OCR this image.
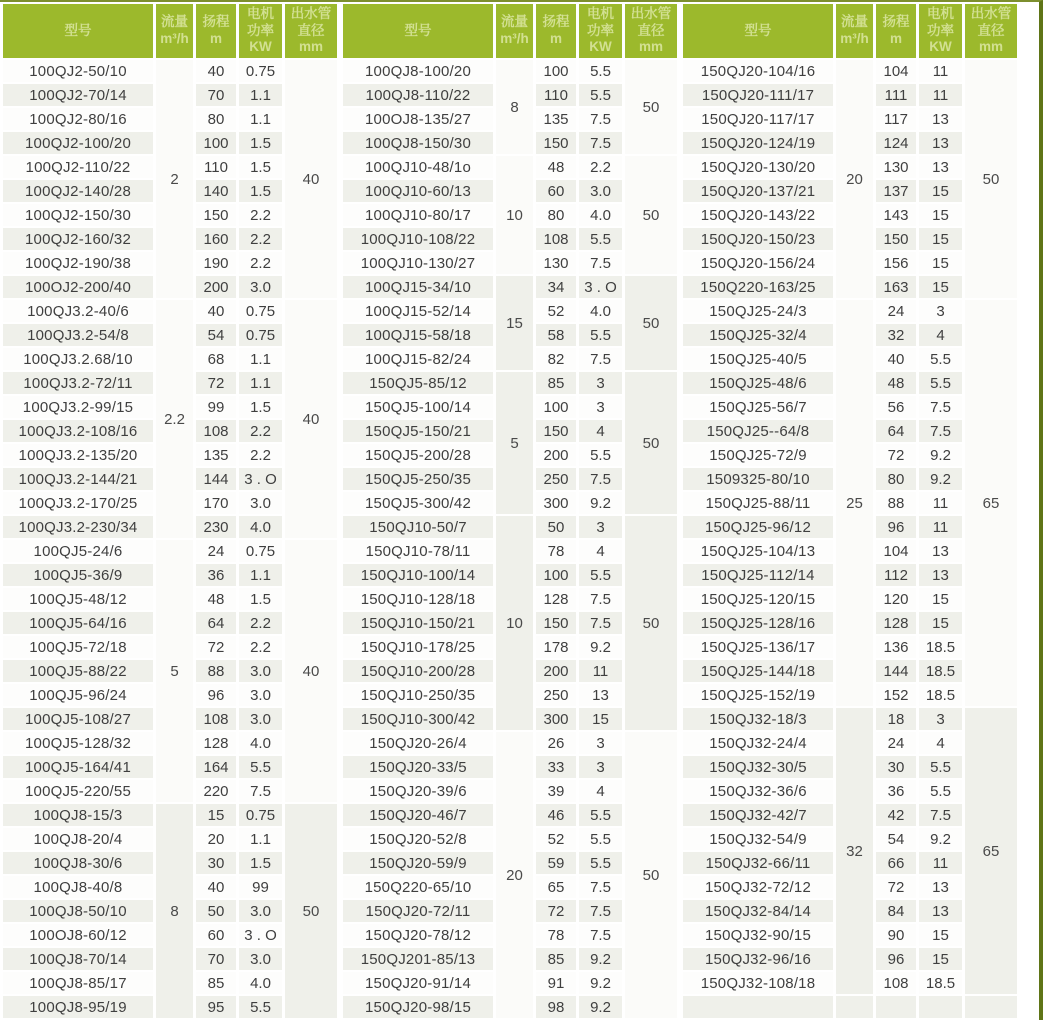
型号

流量
m³/h

扬程
m

电机
功率
KW

出水管
直径
mm

100QJ2-50/10	2	40	0.75	40
100QJ2-70/14		70	1.1	
100QJ2-80/16		80	1.1	
100QJ2-100/20		100	1.5	
100QJ2-110/22		110	1.5	
100QJ2-140/28		140	1.5	
100QJ2-150/30		150	2.2	
100QJ2-160/32		160	2.2	
100QJ2-190/38		190	2.2	
100OJ2-200/40		200	3.0	
100QJ3.2-40/6	2.2	40	0.75	40
100QJ3.2-54/8		54	0.75	
100QJ3.2.68/10		68	1.1	
100QJ3.2-72/11		72	1.1	
100QJ3.2-99/15		99	1.5	
100QJ3.2-108/16		108	2.2	
100QJ3.2-135/20		135	2.2	
100QJ3.2-144/21		144	3 . O	
100QJ3.2-170/25		170	3.0	
100QJ3.2-230/34		230	4.0	
100QJ5-24/6	5	24	0.75	40
100QJ5-36/9		36	1.1	
100QJ5-48/12		48	1.5	
100QJ5-64/16		64	2.2	
100QJ5-72/18		72	2.2	
100QJ5-88/22		88	3.0	
100QJ5-96/24		96	3.0	
100QJ5-108/27		108	3.0	
100QJ5-128/32		128	4.0	
100QJ5-164/41		164	5.5	
100QJ5-220/55		220	7.5	
100QJ8-15/3	8	15	0.75	50
100QJ8-20/4		20	1.1	
100QJ8-30/6		30	1.5	
100QJ8-40/8		40	99	
100QJ8-50/10		50	3.0	
100OJ8-60/12		60	3 . O	
100QJ8-70/14		70	3.0	
100QJ8-85/17		85	4.0	
100QJ8-95/19		95	5.5	
型号

流量
m³/h

扬程
m

电机
功率
KW

出水管
直径
mm

100QJ8-100/20	8	100	5.5	50
100QJ8-110/22		110	5.5	
100OJ8-135/27		135	7.5	
100QJ8-150/30		150	7.5	
100QJ10-48/1o	10	48	2.2	50
100QJ10-60/13		60	3.0	
100QJ10-80/17		80	4.0	
100QJ10-108/22		108	5.5	
100QJ10-130/27		130	7.5	
100QJ15-34/10	15	34	3 . O	50
100QJ15-52/14		52	4.0	
100QJ15-58/18		58	5.5	
100QJ15-82/24		82	7.5	
150QJ5-85/12	5	85	3	50
150QJ5-100/14		100	3	
150QJ5-150/21		150	4	
150QJ5-200/28		200	5.5	
150QJ5-250/35		250	7.5	
150QJ5-300/42		300	9.2	
150QJ10-50/7	10	50	3	50
150QJ10-78/11		78	4	
150QJ10-100/14		100	5.5	
150QJ10-128/18		128	7.5	
150QJ10-150/21		150	7.5	
150QJ10-178/25		178	9.2	
150QJ10-200/28		200	11	
150QJ10-250/35		250	13	
150QJ10-300/42		300	15	
150QJ20-26/4	20	26	3	50
150QJ20-33/5		33	3	
150QJ20-39/6		39	4	
150QJ20-46/7		46	5.5	
150QJ20-52/8		52	5.5	
150QJ20-59/9		59	5.5	
150Q220-65/10		65	7.5	
150QJ20-72/11		72	7.5	
150QJ20-78/12		78	7.5	
150QJ201-85/13		85	9.2	
150QJ20-91/14		91	9.2	
150QJ20-98/15		98	9.2	
型号

流量
m³/h

扬程
m

电机
功率
KW

出水管
直径
mm

150QJ20-104/16	20	104	11	50
150QJ20-111/17		111	11	
150QJ20-117/17		117	13	
150QJ20-124/19		124	13	
150QJ20-130/20		130	13	
150QJ20-137/21		137	15	
150QJ20-143/22		143	15	
150QJ20-150/23		150	15	
150QJ20-156/24		156	15	
150Q220-163/25		163	15	
150QJ25-24/3	25	24	3	65
150QJ25-32/4		32	4	
150QJ25-40/5		40	5.5	
150QJ25-48/6		48	5.5	
150QJ25-56/7		56	7.5	
150QJ25--64/8		64	7.5	
150QJ25-72/9		72	9.2	
1509325-80/10		80	9.2	
150QJ25-88/11		88	11	
150QJ25-96/12		96	11	
150QJ25-104/13		104	13	
150QJ25-112/14		112	13	
150QJ25-120/15		120	15	
150QJ25-128/16		128	15	
150QJ25-136/17		136	18.5	
150QJ25-144/18		144	18.5	
150QJ25-152/19		152	18.5	
150QJ32-18/3	32	18	3	65
150QJ32-24/4		24	4	
150QJ32-30/5		30	5.5	
150QJ32-36/6		36	5.5	
150QJ32-42/7		42	7.5	
150QJ32-54/9		54	9.2	
150QJ32-66/11		66	11	
150QJ32-72/12		72	13	
150QJ32-84/14		84	13	
150QJ32-90/15		90	15	
150QJ32-96/16		96	15	
150QJ32-108/18		108	18.5	
